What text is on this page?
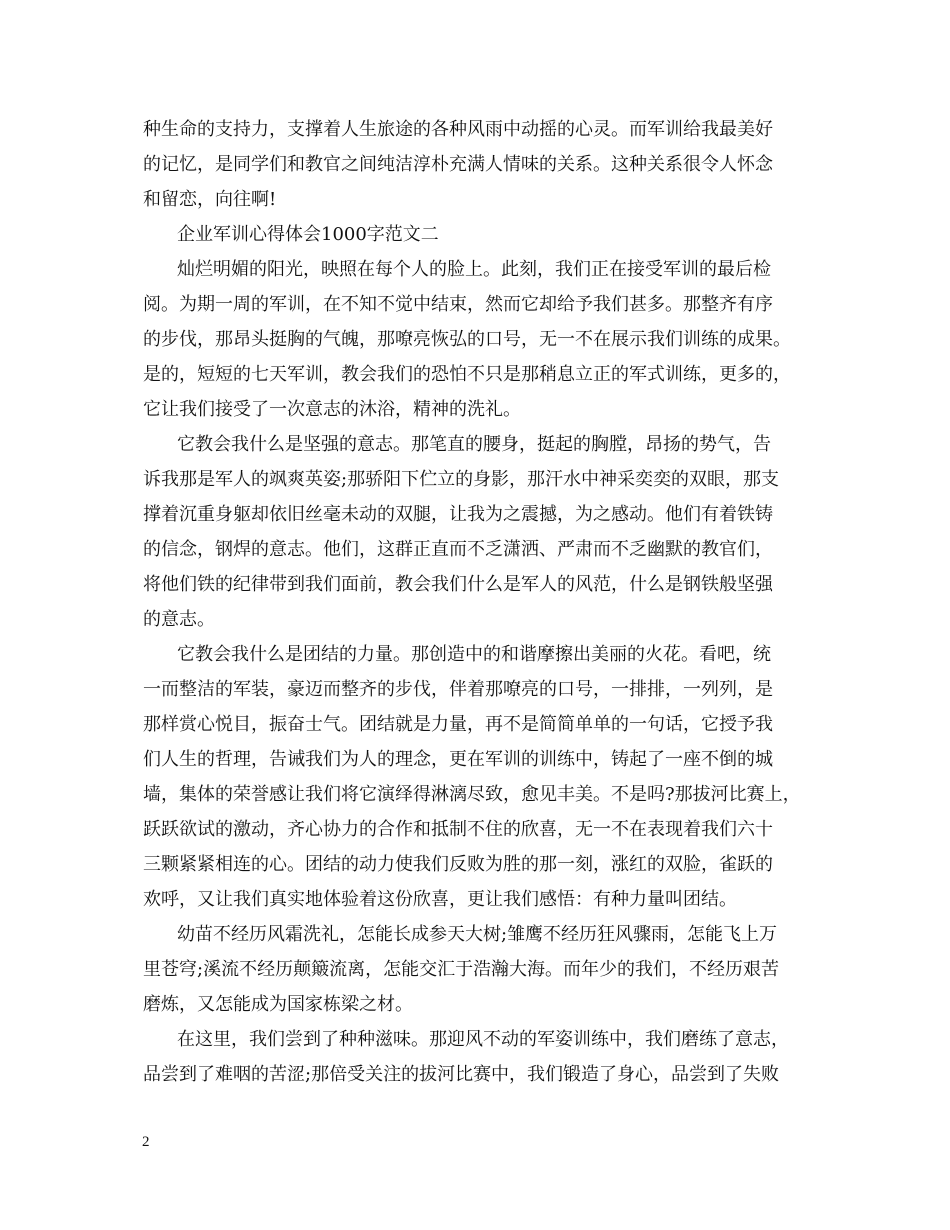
种生命的支持力，支撑着人生旅途的各种风雨中动摇的心灵。而军训给我最美好
的记忆，是同学们和教官之间纯洁淳朴充满人情味的关系。这种关系很令人怀念
和留恋，向往啊!
企业军训心得体会1000字范文二
灿烂明媚的阳光，映照在每个人的脸上。此刻，我们正在接受军训的最后检
阅。为期一周的军训，在不知不觉中结束，然而它却给予我们甚多。那整齐有序
的步伐，那昂头挺胸的气魄，那嘹亮恢弘的口号，无一不在展示我们训练的成果。
是的，短短的七天军训，教会我们的恐怕不只是那稍息立正的军式训练，更多的，
它让我们接受了一次意志的沐浴，精神的洗礼。
它教会我什么是坚强的意志。那笔直的腰身，挺起的胸膛，昂扬的势气，告
诉我那是军人的飒爽英姿;那骄阳下伫立的身影，那汗水中神采奕奕的双眼，那支
撑着沉重身躯却依旧丝毫未动的双腿，让我为之震撼，为之感动。他们有着铁铸
的信念，钢焊的意志。他们，这群正直而不乏潇洒、严肃而不乏幽默的教官们，
将他们铁的纪律带到我们面前，教会我们什么是军人的风范，什么是钢铁般坚强
的意志。
它教会我什么是团结的力量。那创造中的和谐摩擦出美丽的火花。看吧，统
一而整洁的军装，豪迈而整齐的步伐，伴着那嘹亮的口号，一排排，一列列，是
那样赏心悦目，振奋士气。团结就是力量，再不是简简单单的一句话，它授予我
们人生的哲理，告诫我们为人的理念，更在军训的训练中，铸起了一座不倒的城
墙，集体的荣誉感让我们将它演绎得淋漓尽致，愈见丰美。不是吗?那拔河比赛上，
跃跃欲试的激动，齐心协力的合作和抵制不住的欣喜，无一不在表现着我们六十
三颗紧紧相连的心。团结的动力使我们反败为胜的那一刻，涨红的双脸，雀跃的
欢呼，又让我们真实地体验着这份欣喜，更让我们感悟：有种力量叫团结。
幼苗不经历风霜洗礼，怎能长成参天大树;雏鹰不经历狂风骤雨，怎能飞上万
里苍穹;溪流不经历颠簸流离，怎能交汇于浩瀚大海。而年少的我们，不经历艰苦
磨炼，又怎能成为国家栋梁之材。
在这里，我们尝到了种种滋味。那迎风不动的军姿训练中，我们磨练了意志，
品尝到了难咽的苦涩;那倍受关注的拔河比赛中，我们锻造了身心，品尝到了失败
2
